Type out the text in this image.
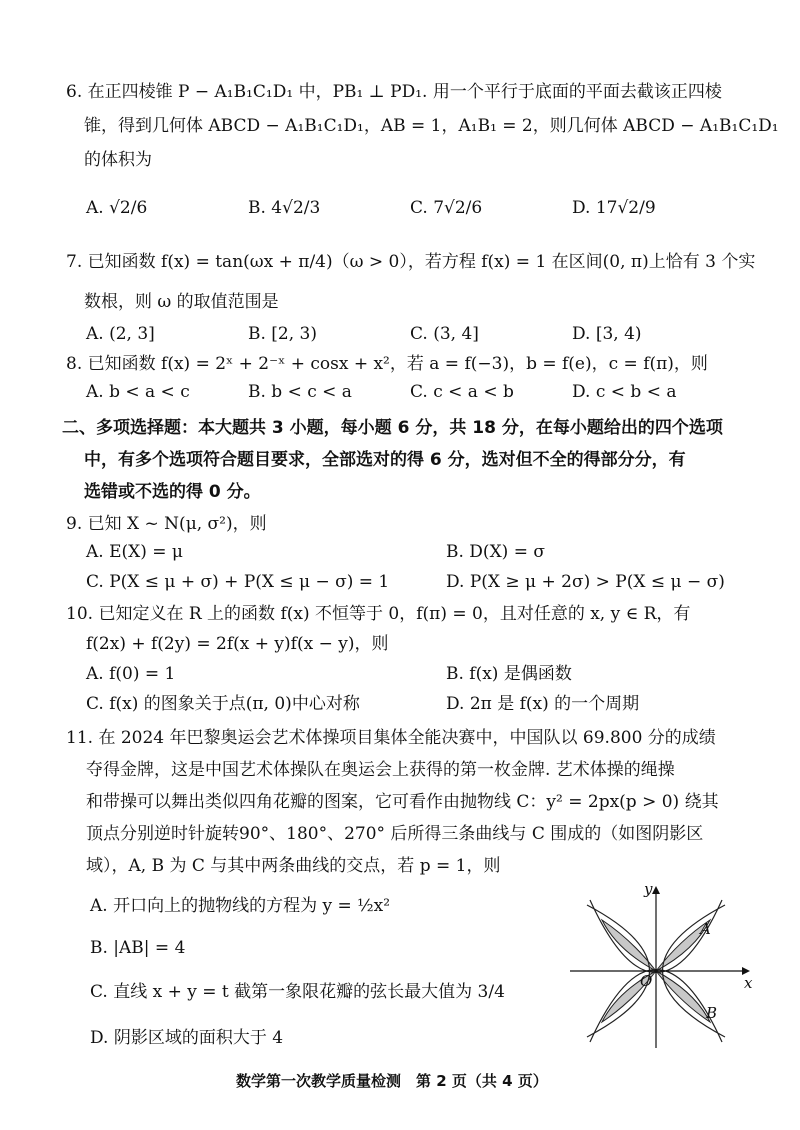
6. 在正四棱锥 P − A₁B₁C₁D₁ 中，PB₁ ⊥ PD₁. 用一个平行于底面的平面去截该正四棱
锥，得到几何体 ABCD − A₁B₁C₁D₁，AB = 1，A₁B₁ = 2，则几何体 ABCD − A₁B₁C₁D₁
的体积为
A. √2/6	B. 4√2/3	C. 7√2/6	D. 17√2/9
7. 已知函数 f(x) = tan(ωx + π/4)（ω > 0），若方程 f(x) = 1 在区间(0, π)上恰有 3 个实
数根，则 ω 的取值范围是
A. (2, 3]	B. [2, 3)	C. (3, 4]	D. [3, 4)
8. 已知函数 f(x) = 2ˣ + 2⁻ˣ + cosx + x²，若 a = f(−3)，b = f(e)，c = f(π)，则
A. b < a < c	B. b < c < a	C. c < a < b	D. c < b < a
二、多项选择题：本大题共 3 小题，每小题 6 分，共 18 分，在每小题给出的四个选项
中，有多个选项符合题目要求，全部选对的得 6 分，选对但不全的得部分分，有
选错或不选的得 0 分。
9. 已知 X ~ N(μ, σ²)，则
A. E(X) = μ	B. D(X) = σ
C. P(X ≤ μ + σ) + P(X ≤ μ − σ) = 1	D. P(X ≥ μ + 2σ) > P(X ≤ μ − σ)
10. 已知定义在 R 上的函数 f(x) 不恒等于 0，f(π) = 0，且对任意的 x, y ∈ R，有
f(2x) + f(2y) = 2f(x + y)f(x − y)，则
A. f(0) = 1	B. f(x) 是偶函数
C. f(x) 的图象关于点(π, 0)中心对称	D. 2π 是 f(x) 的一个周期
11. 在 2024 年巴黎奥运会艺术体操项目集体全能决赛中，中国队以 69.800 分的成绩
夺得金牌，这是中国艺术体操队在奥运会上获得的第一枚金牌. 艺术体操的绳操
和带操可以舞出类似四角花瓣的图案，它可看作由抛物线 C：y² = 2px(p > 0) 绕其
顶点分别逆时针旋转90°、180°、270° 后所得三条曲线与 C 围成的（如图阴影区
域），A, B 为 C 与其中两条曲线的交点，若 p = 1，则
A. 开口向上的抛物线的方程为 y = ½x²
B. |AB| = 4
C. 直线 x + y = t 截第一象限花瓣的弦长最大值为 3/4
D. 阴影区域的面积大于 4
y
x
O
A
B
数学第一次教学质量检测　第 2 页（共 4 页）
